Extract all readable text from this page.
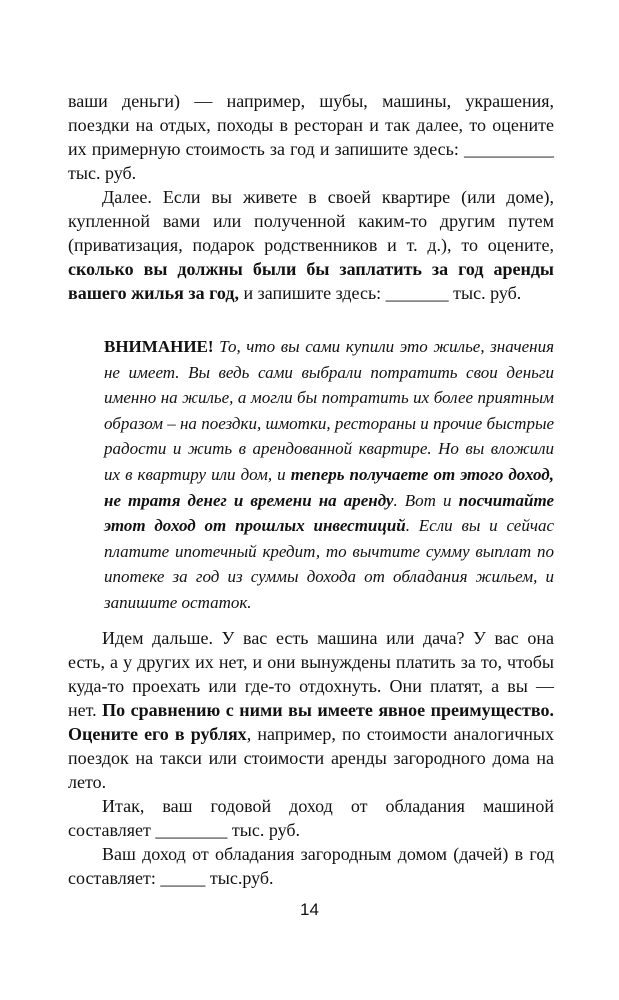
ваши деньги) — например, шубы, машины, украшения, поездки на отдых, походы в ресторан и так далее, то оцените их примерную стоимость за год и запишите здесь: __________ тыс. руб.

Далее. Если вы живете в своей квартире (или доме), купленной вами или полученной каким-то другим путем (приватизация, подарок родственников и т. д.), то оцените, сколько вы должны были бы заплатить за год аренды вашего жилья за год, и запишите здесь: _______ тыс. руб.

ВНИМАНИЕ! То, что вы сами купили это жилье, значения не имеет. Вы ведь сами выбрали потратить свои деньги именно на жилье, а могли бы потратить их более приятным образом – на поездки, шмотки, рестораны и прочие быстрые радости и жить в арендованной квартире. Но вы вложили их в квартиру или дом, и теперь получаете от этого доход, не тратя денег и времени на аренду. Вот и посчитайте этот доход от прошлых инвестиций. Если вы и сейчас платите ипотечный кредит, то вычтите сумму выплат по ипотеке за год из суммы дохода от обладания жильем, и запишите остаток.

Идем дальше. У вас есть машина или дача? У вас она есть, а у других их нет, и они вынуждены платить за то, чтобы куда-то проехать или где-то отдохнуть. Они платят, а вы — нет. По сравнению с ними вы имеете явное преимущество. Оцените его в рублях, например, по стоимости аналогичных поездок на такси или стоимости аренды загородного дома на лето.

Итак, ваш годовой доход от обладания машиной составляет ________ тыс. руб.

Ваш доход от обладания загородным домом (дачей) в год составляет: _____ тыс.руб.

14
